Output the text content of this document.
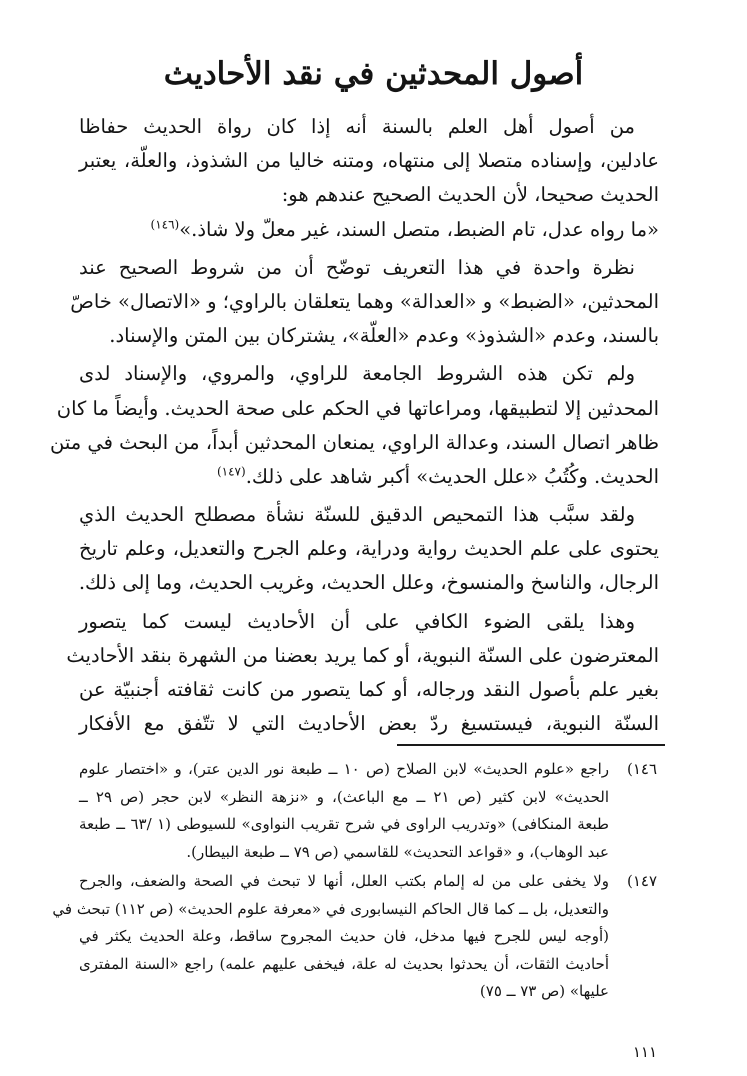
أصول المحدثين في نقد الأحاديث
من أصول أهل العلم بالسنة أنه إذا كان رواة الحديث حفاظا
عادلين، وإسناده متصلا إلى منتهاه، ومتنه خاليا من الشذوذ، والعلّة، يعتبر
الحديث صحيحا، لأن الحديث الصحيح عندهم هو:
«ما رواه عدل، تام الضبط، متصل السند، غير معلّ ولا شاذ.»$^{(١٤٦)}$
نظرة واحدة في هذا التعريف توضّح أن من شروط الصحيح عند
المحدثين، «الضبط» و «العدالة» وهما يتعلقان بالراوي؛ و «الاتصال» خاصّ
بالسند، وعدم «الشذوذ» وعدم «العلّة»، يشتركان بين المتن والإسناد.
ولم تكن هذه الشروط الجامعة للراوي، والمروي، والإسناد لدى
المحدثين إلا لتطبيقها، ومراعاتها في الحكم على صحة الحديث. وأيضاً ما كان
ظاهر اتصال السند، وعدالة الراوي، يمنعان المحدثين أبداً، من البحث في متن
الحديث. وكُتُبُ «علل الحديث» أكبر شاهد على ذلك.$^{(١٤٧)}$
ولقد سبَّب هذا التمحيص الدقيق للسنّة نشأة مصطلح الحديث الذي
يحتوى على علم الحديث رواية ودراية، وعلم الجرح والتعديل، وعلم تاريخ
الرجال، والناسخ والمنسوخ، وعلل الحديث، وغريب الحديث، وما إلى ذلك.
وهذا يلقى الضوء الكافي على أن الأحاديث ليست كما يتصور
المعترضون على السنّة النبوية، أو كما يريد بعضنا من الشهرة بنقد الأحاديث
بغير علم بأصول النقد ورجاله، أو كما يتصور من كانت ثقافته أجنبيّة عن
السنّة النبوية، فيستسيغ ردّ بعض الأحاديث التي لا تتّفق مع الأفكار
١٤٦)
راجع «علوم الحديث» لابن الصلاح (ص ١٠ ــ طبعة نور الدين عتر)، و «اختصار علوم
الحديث» لابن كثير (ص ٢١ ــ مع الباعث)، و «نزهة النظر» لابن حجر (ص ٢٩ ــ
طبعة المنكافى) «وتدريب الراوى في شرح تقريب النواوى» للسيوطى (١ /٦٣ ــ طبعة
عبد الوهاب)، و «قواعد التحديث» للقاسمي (ص ٧٩ ــ طبعة البيطار).
١٤٧)
ولا يخفى على من له إلمام بكتب العلل، أنها لا تبحث في الصحة والضعف، والجرح
والتعديل، بل ــ كما قال الحاكم النيسابورى في «معرفة علوم الحديث» (ص ١١٢) تبحث في
(أوجه ليس للجرح فيها مدخل، فان حديث المجروح ساقط، وعلة الحديث يكثر في
أحاديث الثقات، أن يحدثوا بحديث له علة، فيخفى عليهم علمه) راجع «السنة المفترى
عليها» (ص ٧٣ ــ ٧٥)
١١١
